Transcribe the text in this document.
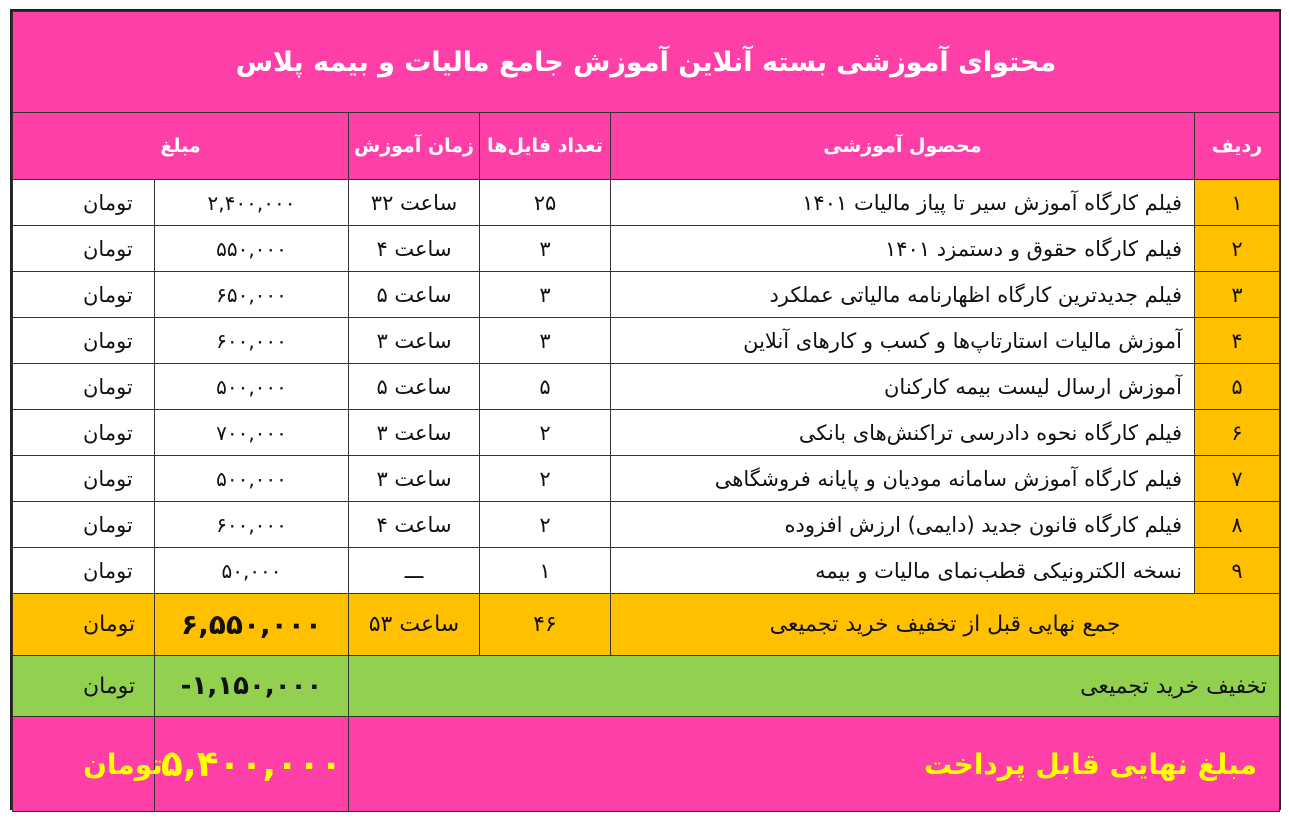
محتوای آموزشی بسته آنلاین آموزش جامع مالیات و بیمه پلاس					
مبلغ		زمان آموزش	تعداد فایل‌ها	محصول آموزشی	ردیف
تومان	۲,۴۰۰,۰۰۰	۳۲ ساعت	۲۵	فیلم کارگاه آموزش سیر تا پیاز مالیات ۱۴۰۱	۱
تومان	۵۵۰,۰۰۰	۴ ساعت	۳	فیلم کارگاه حقوق و دستمزد ۱۴۰۱	۲
تومان	۶۵۰,۰۰۰	۵ ساعت	۳	فیلم جدیدترین کارگاه اظهارنامه مالیاتی عملکرد	۳
تومان	۶۰۰,۰۰۰	۳ ساعت	۳	آموزش مالیات استارتاپ‌ها و کسب و کارهای آنلاین	۴
تومان	۵۰۰,۰۰۰	۵ ساعت	۵	آموزش ارسال لیست بیمه کارکنان	۵
تومان	۷۰۰,۰۰۰	۳ ساعت	۲	فیلم کارگاه نحوه دادرسی تراکنش‌های بانکی	۶
تومان	۵۰۰,۰۰۰	۳ ساعت	۲	فیلم کارگاه آموزش سامانه مودیان و پایانه فروشگاهی	۷
تومان	۶۰۰,۰۰۰	۴ ساعت	۲	فیلم کارگاه قانون جدید (دایمی) ارزش افزوده	۸
تومان	۵۰,۰۰۰	ـــ	۱	نسخه الکترونیکی قطب‌نمای مالیات و بیمه	۹
تومان	۶,۵۵۰,۰۰۰	۵۳ ساعت	۴۶	جمع نهایی قبل از تخفیف خرید تجمیعی	
تومان	-۱,۱۵۰,۰۰۰	تخفیف خرید تجمیعی			
تومان	۵,۴۰۰,۰۰۰	مبلغ نهایی قابل پرداخت			
